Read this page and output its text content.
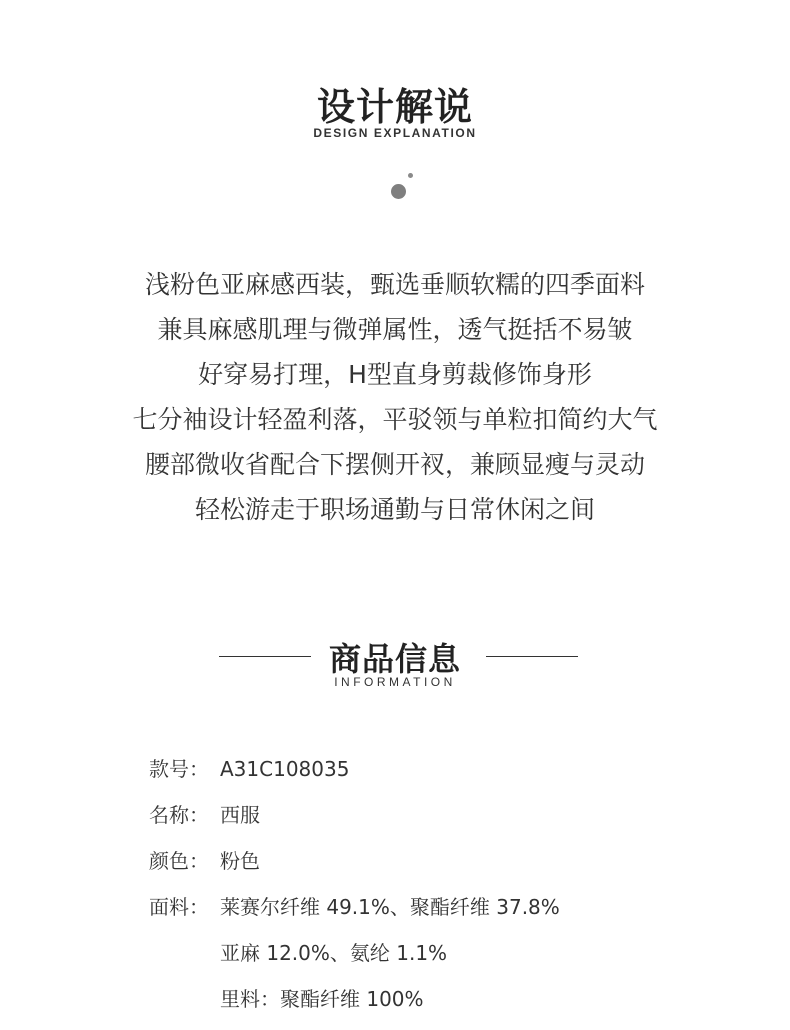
设计解说
DESIGN EXPLANATION
浅粉色亚麻感西装，甄选垂顺软糯的四季面料
兼具麻感肌理与微弹属性，透气挺括不易皱
好穿易打理，H型直身剪裁修饰身形
七分袖设计轻盈利落，平驳领与单粒扣简约大气
腰部微收省配合下摆侧开衩，兼顾显瘦与灵动
轻松游走于职场通勤与日常休闲之间
商品信息
INFORMATION
款号： A31C108035
名称： 西服
颜色： 粉色
面料： 莱赛尔纤维 49.1%、聚酯纤维 37.8%
亚麻 12.0%、氨纶 1.1%
里料：聚酯纤维 100%
